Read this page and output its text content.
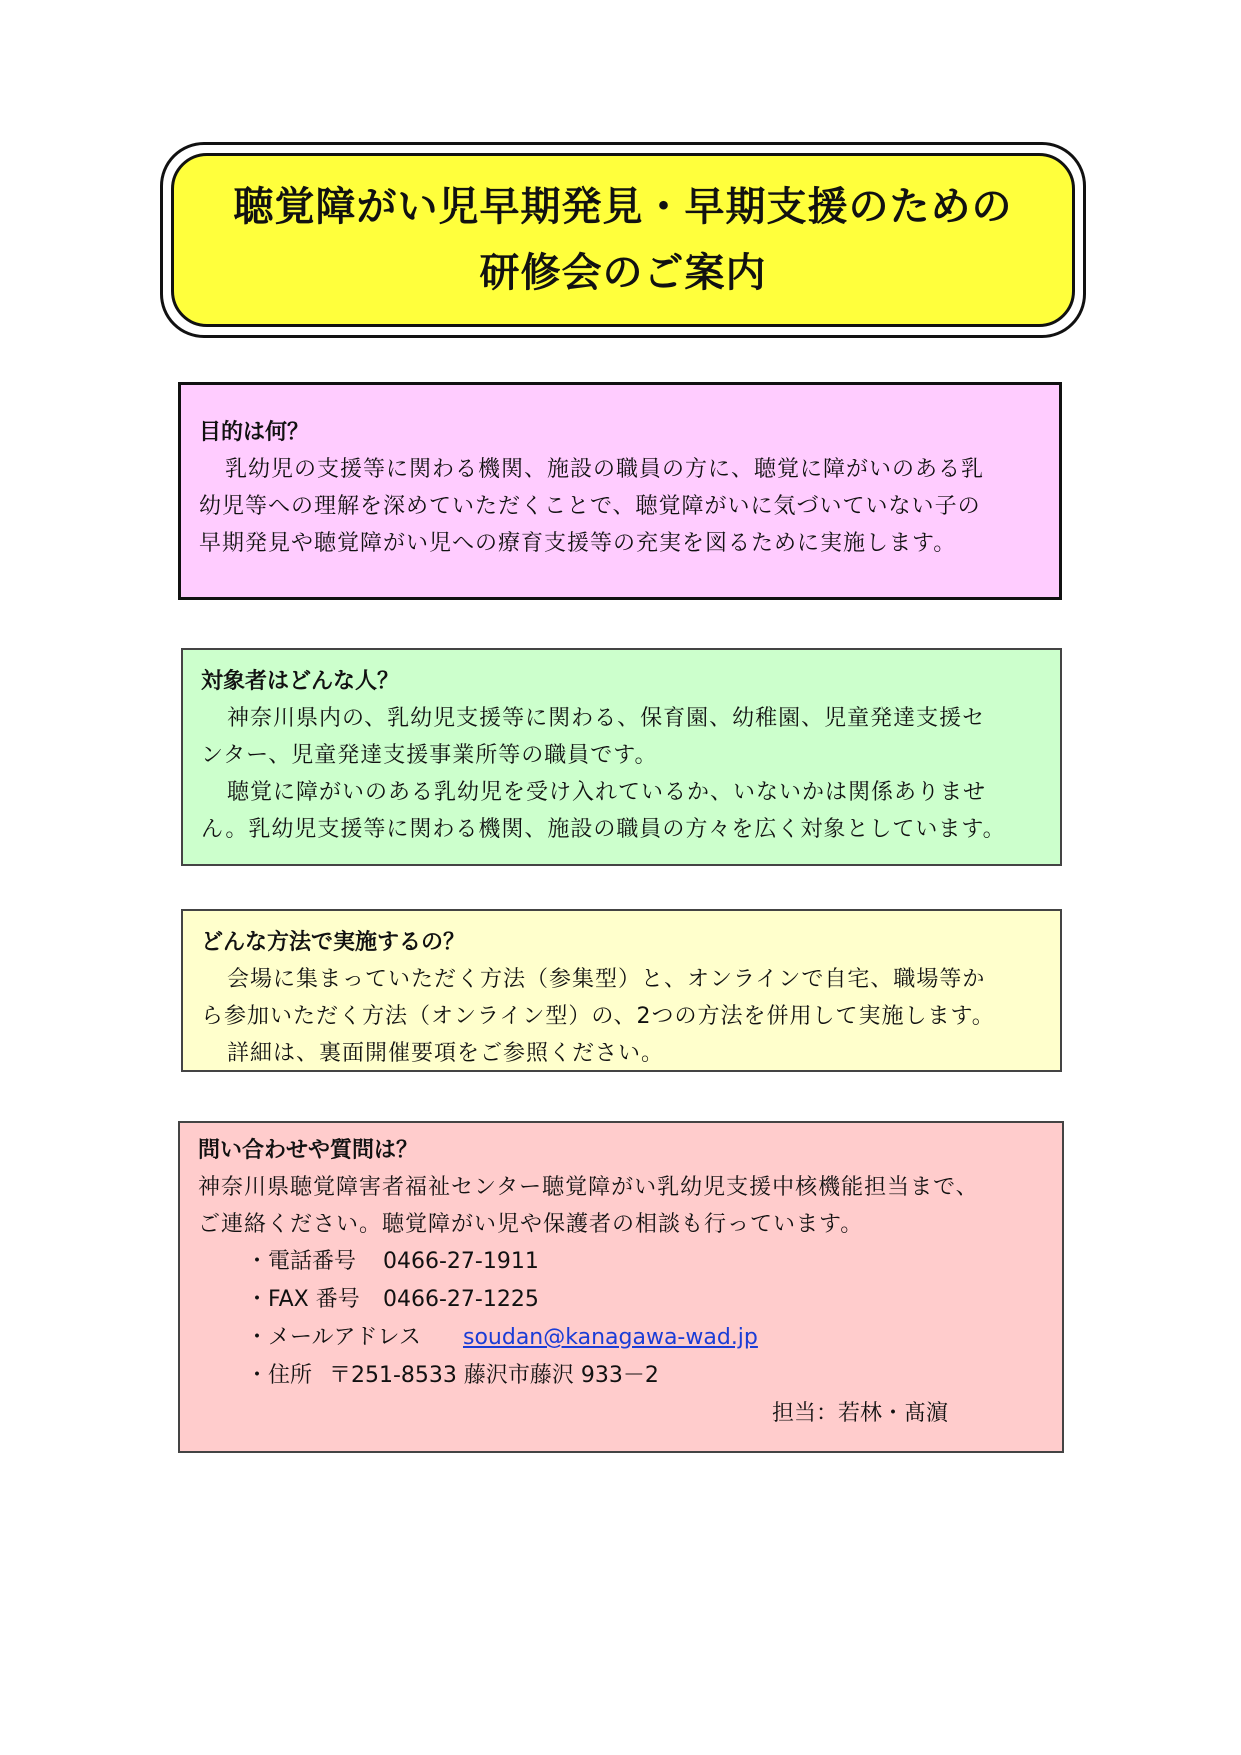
聴覚障がい児早期発見・早期支援のための
研修会のご案内
目的は何？
乳幼児の支援等に関わる機関、施設の職員の方に、聴覚に障がいのある乳
幼児等への理解を深めていただくことで、聴覚障がいに気づいていない子の
早期発見や聴覚障がい児への療育支援等の充実を図るために実施します。
対象者はどんな人？
神奈川県内の、乳幼児支援等に関わる、保育園、幼稚園、児童発達支援セ
ンター、児童発達支援事業所等の職員です。
聴覚に障がいのある乳幼児を受け入れているか、いないかは関係ありませ
ん。乳幼児支援等に関わる機関、施設の職員の方々を広く対象としています。
どんな方法で実施するの？
会場に集まっていただく方法（参集型）と、オンラインで自宅、職場等か
ら参加いただく方法（オンライン型）の、2つの方法を併用して実施します。
詳細は、裏面開催要項をご参照ください。
問い合わせや質問は？
神奈川県聴覚障害者福祉センター聴覚障がい乳幼児支援中核機能担当まで、
ご連絡ください。聴覚障がい児や保護者の相談も行っています。
・電話番号 0466-27-1911
・FAX 番号 0466-27-1225
・メールアドレス soudan@kanagawa-wad.jp
・住所 〒251-8533 藤沢市藤沢 933－2
担当：若林・髙濵
